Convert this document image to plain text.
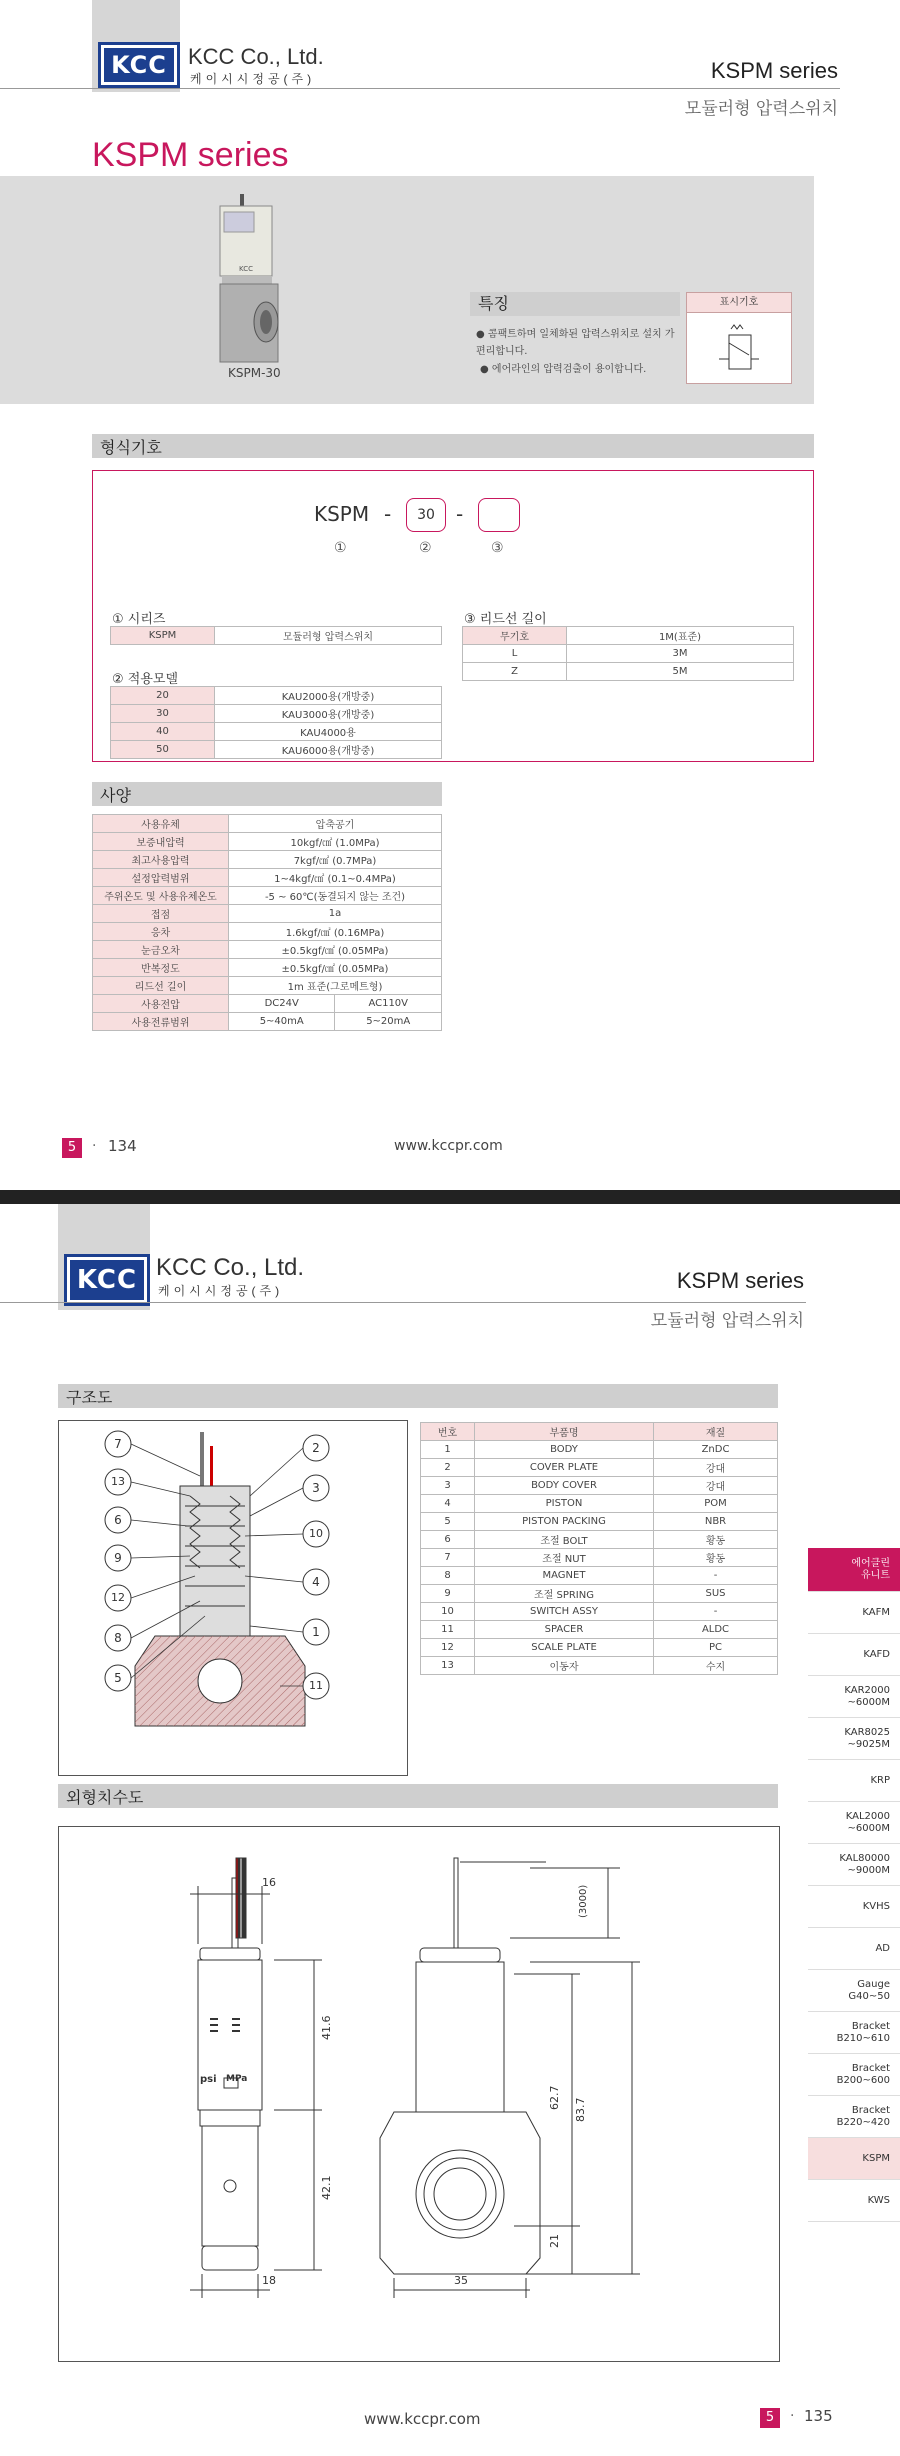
KCC KCC Co., Ltd.
케이시시정공(주)	KSPM series
모듈러형 압력스위치
KSPM series
KCC
KSPM-30
특징
● 콤팩트하며 일체화된 압력스위치로 설치 가 편리합니다.
● 에어라인의 압력검출이 용이합니다.
표시기호
형식기호
KSPM -	30	-
①	②	③
① 시리즈
KSPM	모듈러형 압력스위치
② 적용모델
20	KAU2000용(개방중)
30	KAU3000용(개방중)
40	KAU4000용
50	KAU6000용(개방중)
③ 리드선 길이
무기호	1M(표준)
L	3M
Z	5M
사양
사용유체	압축공기	
보증내압력	10kgf/㎠ (1.0MPa)	
최고사용압력	7kgf/㎠ (0.7MPa)	
설정압력범위	1~4kgf/㎠ (0.1~0.4MPa)	
주위온도 및 사용유체온도	-5 ~ 60℃(동결되지 않는 조건)	
접점	1a	
응차	1.6kgf/㎠ (0.16MPa)	
눈금오차	±0.5kgf/㎠ (0.05MPa)	
반복정도	±0.5kgf/㎠ (0.05MPa)	
리드선 길이	1m 표준(그로메트형)	
사용전압	DC24V	AC110V
사용전류범위	5~40mA	5~20mA
5	· 134	www.kccpr.com
KCC KCC Co., Ltd.
케이시시정공(주)	KSPM series
모듈러형 압력스위치
구조도
7
13
6
9
12
8
5
2
3
10
4
1
11
번호	부품명	재질
1	BODY	ZnDC
2	COVER PLATE	강대
3	BODY COVER	강대
4	PISTON	POM
5	PISTON PACKING	NBR
6	조절 BOLT	황동
7	조절 NUT	황동
8	MAGNET	-
9	조절 SPRING	SUS
10	SWITCH ASSY	-
11	SPACER	ALDC
12	SCALE PLATE	PC
13	이동자	수지
외형치수도
16
psi MPa
41.6
42.1
18
(3000)
62.7 83.7
21
35
에어클린
유니트
KAFM
KAFD
KAR2000
~6000M
KAR8025
~9025M
KRP
KAL2000
~6000M
KAL80000
~9000M
KVHS
AD
Gauge
G40~50
Bracket
B210~610
Bracket
B200~600
Bracket
B220~420
KSPM
KWS
www.kccpr.com	5	· 135
